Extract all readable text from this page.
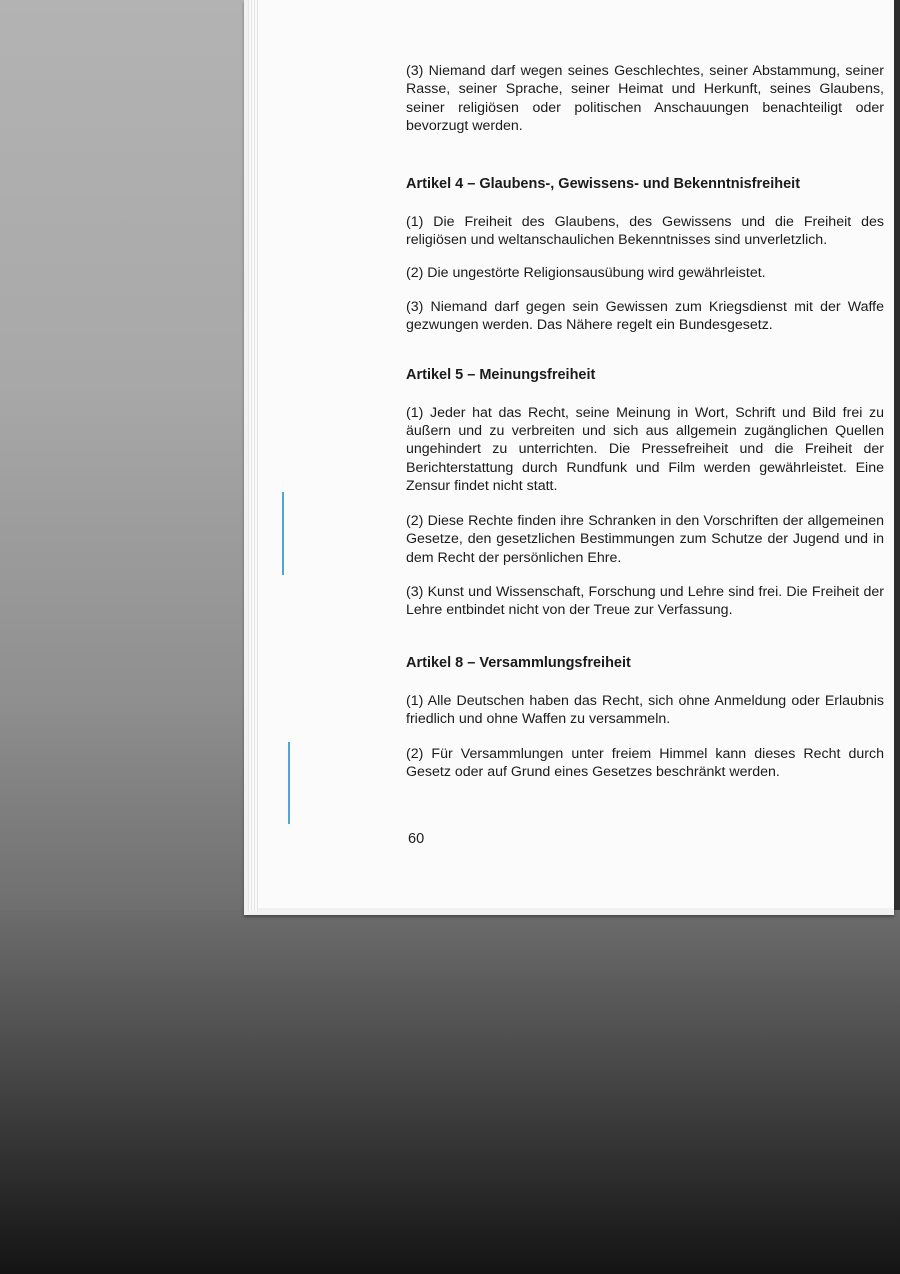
(3) Niemand darf wegen seines Geschlechtes, seiner Abstammung, seiner Rasse, seiner Sprache, seiner Heimat und Herkunft, seines Glaubens, seiner religiösen oder politischen Anschauungen benachteiligt oder bevorzugt werden.

Artikel 4 – Glaubens-, Gewissens- und Bekenntnisfreiheit

(1) Die Freiheit des Glaubens, des Gewissens und die Freiheit des religiösen und weltanschaulichen Bekenntnisses sind unverletzlich.

(2) Die ungestörte Religionsausübung wird gewährleistet.

(3) Niemand darf gegen sein Gewissen zum Kriegsdienst mit der Waffe gezwungen werden. Das Nähere regelt ein Bundesgesetz.

Artikel 5 – Meinungsfreiheit

(1) Jeder hat das Recht, seine Meinung in Wort, Schrift und Bild frei zu äußern und zu verbreiten und sich aus allgemein zugänglichen Quellen ungehindert zu unterrichten. Die Pressefreiheit und die Freiheit der Berichterstattung durch Rundfunk und Film werden gewährleistet. Eine Zensur findet nicht statt.

(2) Diese Rechte finden ihre Schranken in den Vorschriften der allgemeinen Gesetze, den gesetzlichen Bestimmungen zum Schutze der Jugend und in dem Recht der persönlichen Ehre.

(3) Kunst und Wissenschaft, Forschung und Lehre sind frei. Die Freiheit der Lehre entbindet nicht von der Treue zur Verfassung.

Artikel 8 – Versammlungsfreiheit

(1) Alle Deutschen haben das Recht, sich ohne Anmeldung oder Erlaubnis friedlich und ohne Waffen zu versammeln.

(2) Für Versammlungen unter freiem Himmel kann dieses Recht durch Gesetz oder auf Grund eines Gesetzes beschränkt werden.

60
